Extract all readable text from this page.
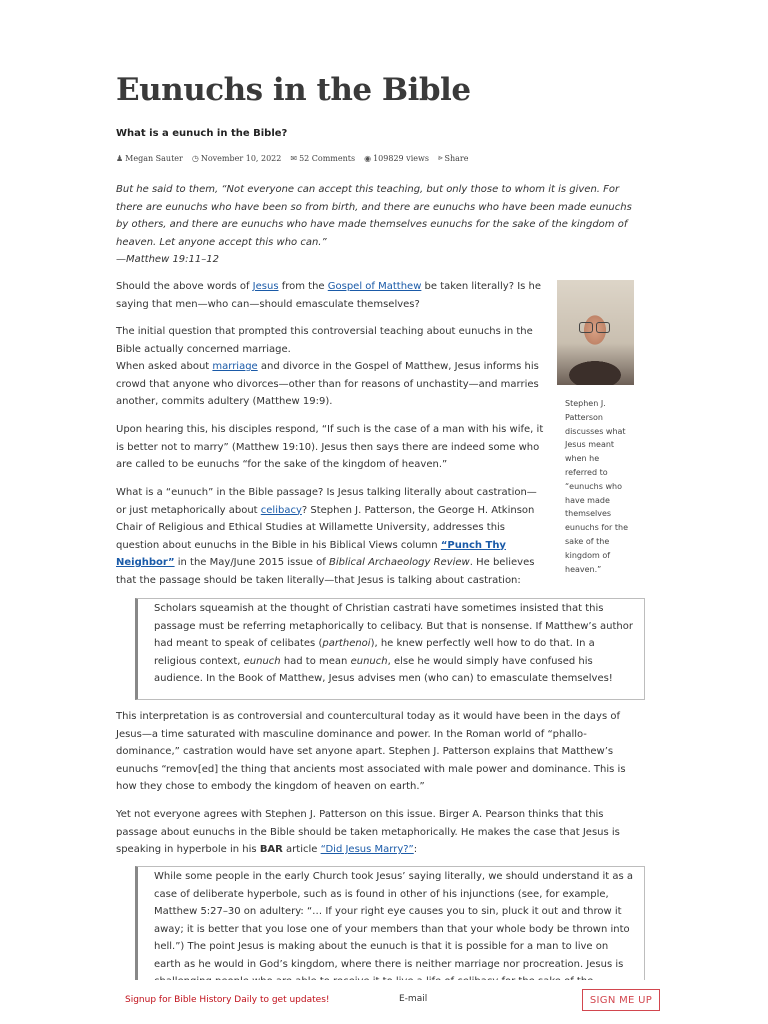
Eunuchs in the Bible

What is a eunuch in the Bible?

♟ Megan Sauter ◷ November 10, 2022 ✉ 52 Comments ◉ 109829 views ⪢ Share

But he said to them, “Not everyone can accept this teaching, but only those to whom it is given. For there are eunuchs who have been so from birth, and there are eunuchs who have been made eunuchs by others, and there are eunuchs who have made themselves eunuchs for the sake of the kingdom of heaven. Let anyone accept this who can.”
—Matthew 19:11–12

Should the above words of Jesus from the Gospel of Matthew be taken literally? Is he saying that men—who can—should emasculate themselves?

The initial question that prompted this controversial teaching about eunuchs in the Bible actually concerned marriage.
When asked about marriage and divorce in the Gospel of Matthew, Jesus informs his crowd that anyone who divorces—other than for reasons of unchastity—and marries another, commits adultery (Matthew 19:9).

Upon hearing this, his disciples respond, “If such is the case of a man with his wife, it is better not to marry” (Matthew 19:10). Jesus then says there are indeed some who are called to be eunuchs “for the sake of the kingdom of heaven.”

What is a “eunuch” in the Bible passage? Is Jesus talking literally about castration—or just metaphorically about celibacy? Stephen J. Patterson, the George H. Atkinson Chair of Religious and Ethical Studies at Willamette University, addresses this question about eunuchs in the Bible in his Biblical Views column “Punch Thy Neighbor” in the May/June 2015 issue of Biblical Archaeology Review. He believes that the passage should be taken literally—that Jesus is talking about castration:

Stephen J. Patterson discusses what Jesus meant when he referred to “eunuchs who have made themselves eunuchs for the sake of the kingdom of heaven.”

Scholars squeamish at the thought of Christian castrati have sometimes insisted that this passage must be referring metaphorically to celibacy. But that is nonsense. If Matthew’s author had meant to speak of celibates (parthenoi), he knew perfectly well how to do that. In a religious context, eunuch had to mean eunuch, else he would simply have confused his audience. In the Book of Matthew, Jesus advises men (who can) to emasculate themselves!

This interpretation is as controversial and countercultural today as it would have been in the days of Jesus—a time saturated with masculine dominance and power. In the Roman world of “phallo-dominance,” castration would have set anyone apart. Stephen J. Patterson explains that Matthew’s eunuchs “remov[ed] the thing that ancients most associated with male power and dominance. This is how they chose to embody the kingdom of heaven on earth.”

Yet not everyone agrees with Stephen J. Patterson on this issue. Birger A. Pearson thinks that this passage about eunuchs in the Bible should be taken metaphorically. He makes the case that Jesus is speaking in hyperbole in his BAR article “Did Jesus Marry?”:

While some people in the early Church took Jesus’ saying literally, we should understand it as a case of deliberate hyperbole, such as is found in other of his injunctions (see, for example, Matthew 5:27–30 on adultery: “… If your right eye causes you to sin, pluck it out and throw it away; it is better that you lose one of your members than that your whole body be thrown into hell.”) The point Jesus is making about the eunuch is that it is possible for a man to live on earth as he would in God’s kingdom, where there is neither marriage nor procreation. Jesus is

Signup for Bible History Daily to get updates!	E-mail	SIGN ME UP
